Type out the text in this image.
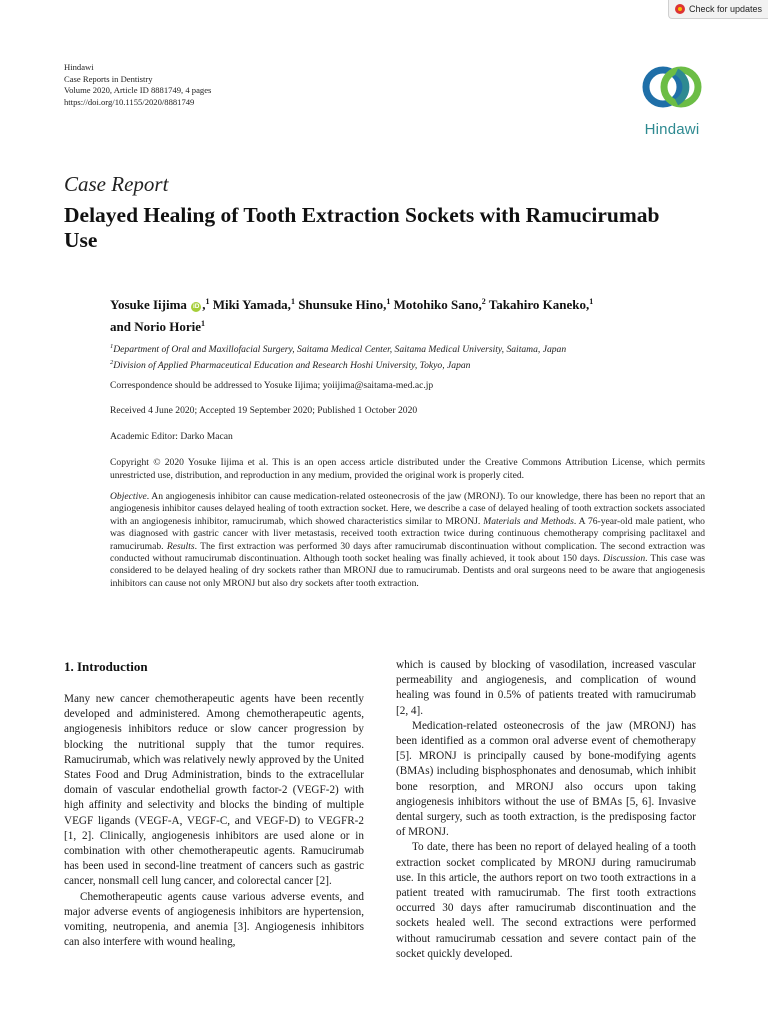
Check for updates
Hindawi
Case Reports in Dentistry
Volume 2020, Article ID 8881749, 4 pages
https://doi.org/10.1155/2020/8881749
Hindawi
Case Report
Delayed Healing of Tooth Extraction Sockets with Ramucirumab Use
Yosuke Iijima iD ,$^1$ Miki Yamada,$^1$ Shunsuke Hino,$^1$ Motohiko Sano,$^2$ Takahiro Kaneko,$^1$
and Norio Horie$^1$
$^1$Department of Oral and Maxillofacial Surgery, Saitama Medical Center, Saitama Medical University, Saitama, Japan
$^2$Division of Applied Pharmaceutical Education and Research Hoshi University, Tokyo, Japan
Correspondence should be addressed to Yosuke Iijima; yoiijima@saitama-med.ac.jp
Received 4 June 2020; Accepted 19 September 2020; Published 1 October 2020
Academic Editor: Darko Macan
Copyright © 2020 Yosuke Iijima et al. This is an open access article distributed under the Creative Commons Attribution License, which permits unrestricted use, distribution, and reproduction in any medium, provided the original work is properly cited.
Objective. An angiogenesis inhibitor can cause medication-related osteonecrosis of the jaw (MRONJ). To our knowledge, there has been no report that an angiogenesis inhibitor causes delayed healing of tooth extraction socket. Here, we describe a case of delayed healing of tooth extraction sockets associated with an angiogenesis inhibitor, ramucirumab, which showed characteristics similar to MRONJ. Materials and Methods. A 76-year-old male patient, who was diagnosed with gastric cancer with liver metastasis, received tooth extraction twice during continuous chemotherapy comprising paclitaxel and ramucirumab. Results. The first extraction was performed 30 days after ramucirumab discontinuation without complication. The second extraction was conducted without ramucirumab discontinuation. Although tooth socket healing was finally achieved, it took about 150 days. Discussion. This case was considered to be delayed healing of dry sockets rather than MRONJ due to ramucirumab. Dentists and oral surgeons need to be aware that angiogenesis inhibitors can cause not only MRONJ but also dry sockets after tooth extraction.
1. Introduction

Many new cancer chemotherapeutic agents have been recently developed and administered. Among chemotherapeutic agents, angiogenesis inhibitors reduce or slow cancer progression by blocking the nutritional supply that the tumor requires. Ramucirumab, which was relatively newly approved by the United States Food and Drug Administration, binds to the extracellular domain of vascular endothelial growth factor-2 (VEGF-2) with high affinity and selectivity and blocks the binding of multiple VEGF ligands (VEGF-A, VEGF-C, and VEGF-D) to VEGFR-2 [1, 2]. Clinically, angiogenesis inhibitors are used alone or in combination with other chemotherapeutic agents. Ramucirumab has been used in second-line treatment of cancers such as gastric cancer, nonsmall cell lung cancer, and colorectal cancer [2].

Chemotherapeutic agents cause various adverse events, and major adverse events of angiogenesis inhibitors are hypertension, vomiting, neutropenia, and anemia [3]. Angiogenesis inhibitors can also interfere with wound healing,

which is caused by blocking of vasodilation, increased vascular permeability and angiogenesis, and complication of wound healing was found in 0.5% of patients treated with ramucirumab [2, 4].

Medication-related osteonecrosis of the jaw (MRONJ) has been identified as a common oral adverse event of chemotherapy [5]. MRONJ is principally caused by bone-modifying agents (BMAs) including bisphosphonates and denosumab, which inhibit bone resorption, and MRONJ also occurs upon taking angiogenesis inhibitors without the use of BMAs [5, 6]. Invasive dental surgery, such as tooth extraction, is the predisposing factor of MRONJ.

To date, there has been no report of delayed healing of a tooth extraction socket complicated by MRONJ during ramucirumab use. In this article, the authors report on two tooth extractions in a patient treated with ramucirumab. The first tooth extractions occurred 30 days after ramucirumab discontinuation and the sockets healed well. The second extractions were performed without ramucirumab cessation and severe contact pain of the socket quickly developed.
